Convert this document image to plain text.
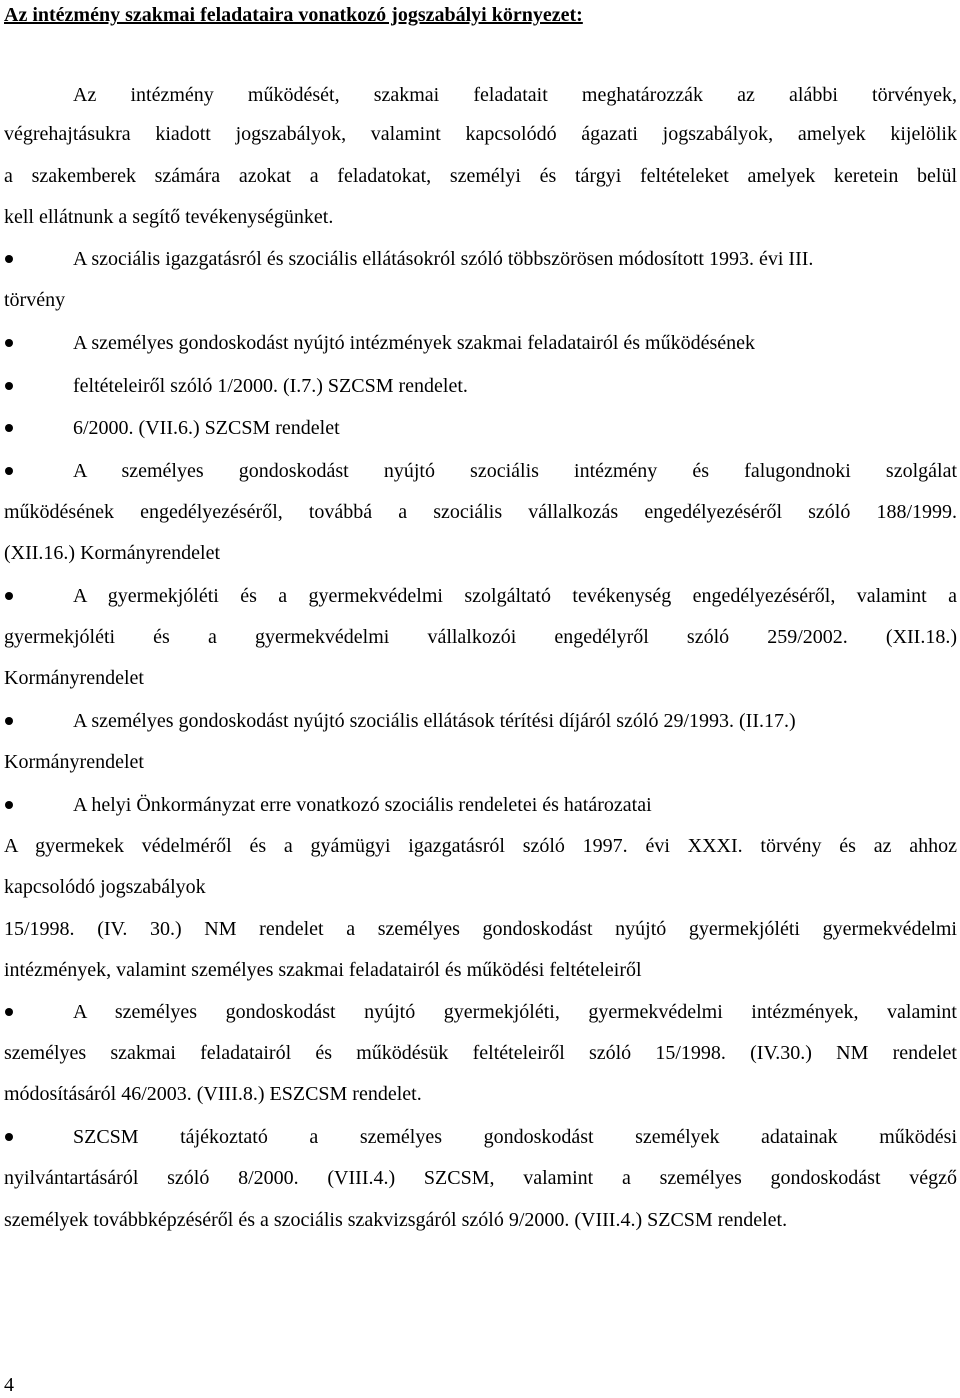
Az intézmény szakmai feladataira vonatkozó jogszabályi környezet:
Az intézmény működését, szakmai feladatait meghatározzák az alábbi törvények,
végrehajtásukra kiadott jogszabályok, valamint kapcsolódó ágazati jogszabályok, amelyek kijelölik
a szakemberek számára azokat a feladatokat, személyi és tárgyi feltételeket amelyek keretein belül
kell ellátnunk a segítő tevékenységünket.
A szociális igazgatásról és szociális ellátásokról szóló többszörösen módosított 1993. évi III.
törvény
A személyes gondoskodást nyújtó intézmények szakmai feladatairól és működésének
feltételeiről szóló 1/2000. (I.7.) SZCSM rendelet.
6/2000. (VII.6.) SZCSM rendelet
A személyes gondoskodást nyújtó szociális intézmény és falugondnoki szolgálat
működésének engedélyezéséről, továbbá a szociális vállalkozás engedélyezéséről szóló 188/1999.
(XII.16.) Kormányrendelet
A gyermekjóléti és a gyermekvédelmi szolgáltató tevékenység engedélyezéséről, valamint a
gyermekjóléti és a gyermekvédelmi vállalkozói engedélyről szóló 259/2002. (XII.18.)
Kormányrendelet
A személyes gondoskodást nyújtó szociális ellátások térítési díjáról szóló 29/1993. (II.17.)
Kormányrendelet
A helyi Önkormányzat erre vonatkozó szociális rendeletei és határozatai
A gyermekek védelméről és a gyámügyi igazgatásról szóló 1997. évi XXXI. törvény és az ahhoz
kapcsolódó jogszabályok
15/1998. (IV. 30.) NM rendelet a személyes gondoskodást nyújtó gyermekjóléti gyermekvédelmi
intézmények, valamint személyes szakmai feladatairól és működési feltételeiről
A személyes gondoskodást nyújtó gyermekjóléti, gyermekvédelmi intézmények, valamint
személyes szakmai feladatairól és működésük feltételeiről szóló 15/1998. (IV.30.) NM rendelet
módosításáról 46/2003. (VIII.8.) ESZCSM rendelet.
SZCSM tájékoztató a személyes gondoskodást személyek adatainak működési
nyilvántartásáról szóló 8/2000. (VIII.4.) SZCSM, valamint a személyes gondoskodást végző
személyek továbbképzéséről és a szociális szakvizsgáról szóló 9/2000. (VIII.4.) SZCSM rendelet.
4
